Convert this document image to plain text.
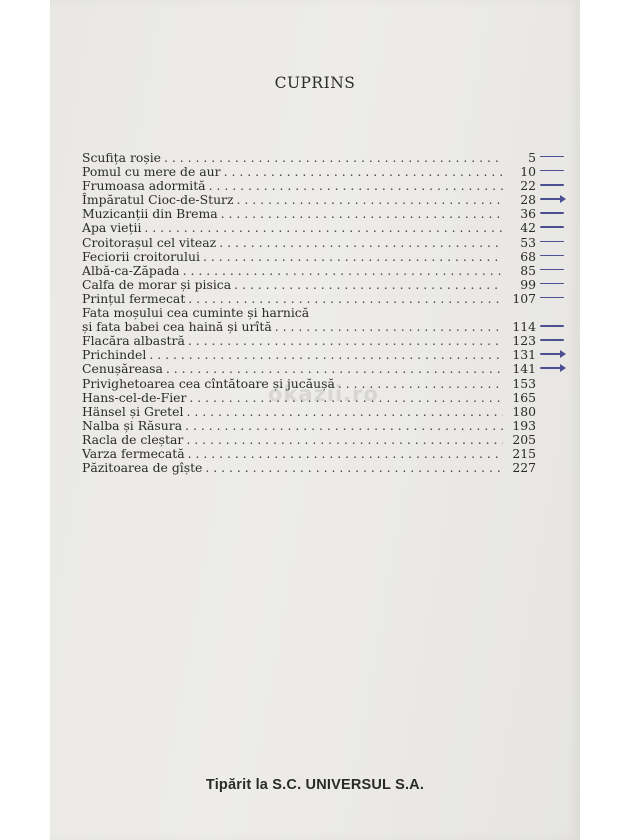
CUPRINS
Scufița roșie . . .	5
Pomul cu mere de aur . . .	10
Frumoasa adormită . . .	22
Împăratul Cioc-de-Sturz . . .	28
Muzicanții din Brema . . .	36
Apa vieții . . .	42
Croitorașul cel viteaz . . .	53
Feciorii croitorului . . .	68
Albă-ca-Zăpada . . .	85
Calfa de morar și pisica . . .	99
Prințul fermecat . . .	107
Fata moșului cea cuminte și harnică
și fata babei cea haină și urîtă . . .	114
Flacăra albastră . . .	123
Prichindel . . .	131
Cenușăreasa . . .	141
Privighetoarea cea cîntătoare și jucăușă . . .	153
Hans-cel-de-Fier . . .	165
Hänsel și Gretel . . .	180
Nalba și Răsura . . .	193
Racla de cleștar . . .	205
Varza fermecată . . .	215
Păzitoarea de gîște . . .	227
okazii.ro
Tipărit la S.C. UNIVERSUL S.A.
